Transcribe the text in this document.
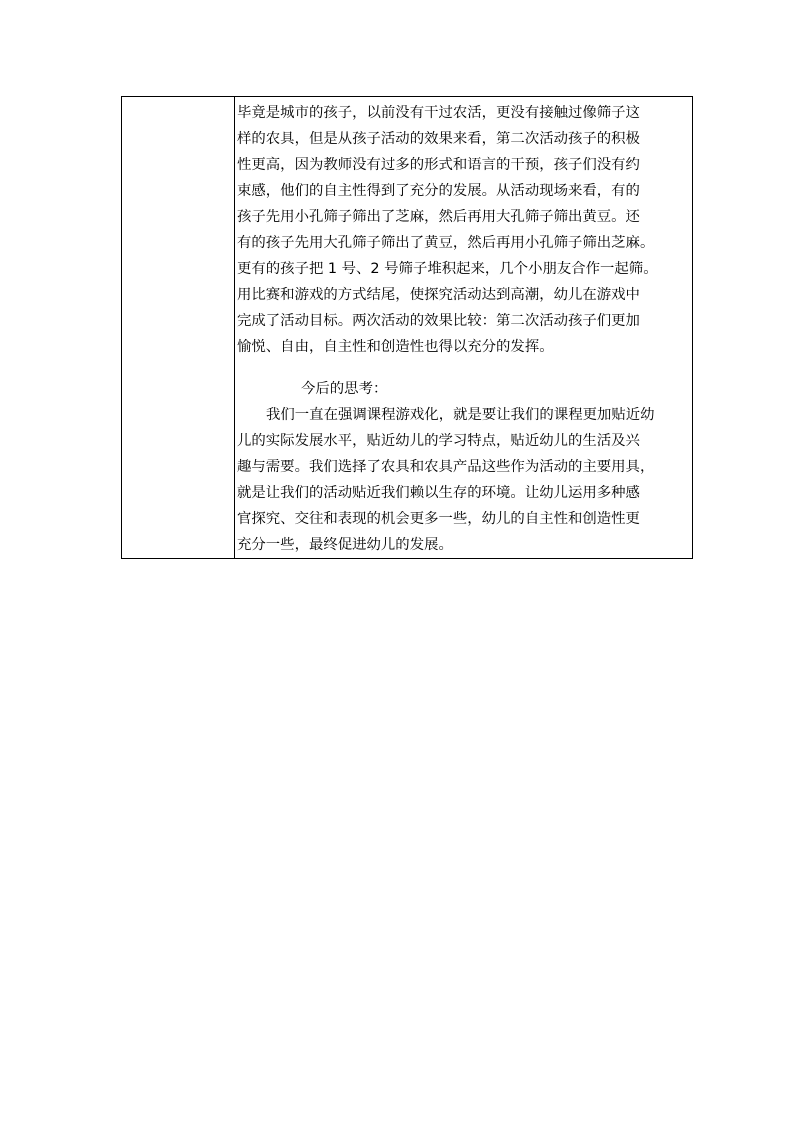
毕竟是城市的孩子，以前没有干过农活，更没有接触过像筛子这
样的农具，但是从孩子活动的效果来看，第二次活动孩子的积极
性更高，因为教师没有过多的形式和语言的干预，孩子们没有约
束感，他们的自主性得到了充分的发展。从活动现场来看，有的
孩子先用小孔筛子筛出了芝麻，然后再用大孔筛子筛出黄豆。还
有的孩子先用大孔筛子筛出了黄豆，然后再用小孔筛子筛出芝麻。
更有的孩子把 1 号、2 号筛子堆积起来，几个小朋友合作一起筛。
用比赛和游戏的方式结尾，使探究活动达到高潮，幼儿在游戏中
完成了活动目标。两次活动的效果比较：第二次活动孩子们更加
愉悦、自由，自主性和创造性也得以充分的发挥。
今后的思考：
我们一直在强调课程游戏化，就是要让我们的课程更加贴近幼
儿的实际发展水平，贴近幼儿的学习特点，贴近幼儿的生活及兴
趣与需要。我们选择了农具和农具产品这些作为活动的主要用具，
就是让我们的活动贴近我们赖以生存的环境。让幼儿运用多种感
官探究、交往和表现的机会更多一些，幼儿的自主性和创造性更
充分一些，最终促进幼儿的发展。
